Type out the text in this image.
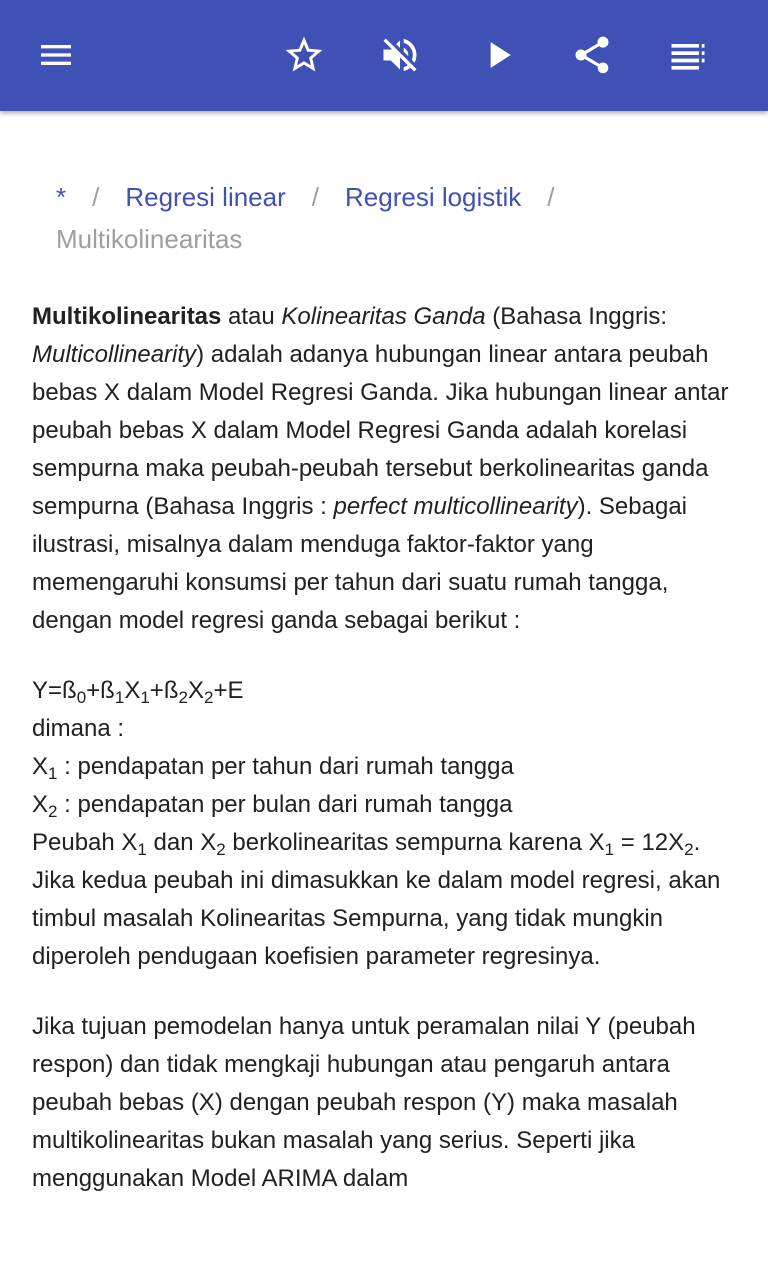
* / Regresi linear / Regresi logistik /
Multikolinearitas

Multikolinearitas atau Kolinearitas Ganda (Bahasa Inggris: Multicollinearity) adalah adanya hubungan linear antara peubah bebas X dalam Model Regresi Ganda. Jika hubungan linear antar peubah bebas X dalam Model Regresi Ganda adalah korelasi sempurna maka peubah-peubah tersebut berkolinearitas ganda sempurna (Bahasa Inggris : perfect multicollinearity). Sebagai ilustrasi, misalnya dalam menduga faktor-faktor yang memengaruhi konsumsi per tahun dari suatu rumah tangga, dengan model regresi ganda sebagai berikut :

$Y=ß_0+ß_1X_1+ß_2X_2+E$
dimana :
$X_1$ : pendapatan per tahun dari rumah tangga
$X_2$ : pendapatan per bulan dari rumah tangga
Peubah $X_1$ dan $X_2$ berkolinearitas sempurna karena $X_1 = 12X_2$. Jika kedua peubah ini dimasukkan ke dalam model regresi, akan timbul masalah Kolinearitas Sempurna, yang tidak mungkin diperoleh pendugaan koefisien parameter regresinya.

Jika tujuan pemodelan hanya untuk peramalan nilai Y (peubah respon) dan tidak mengkaji hubungan atau pengaruh antara peubah bebas (X) dengan peubah respon (Y) maka masalah multikolinearitas bukan masalah yang serius. Seperti jika menggunakan Model ARIMA dalam
